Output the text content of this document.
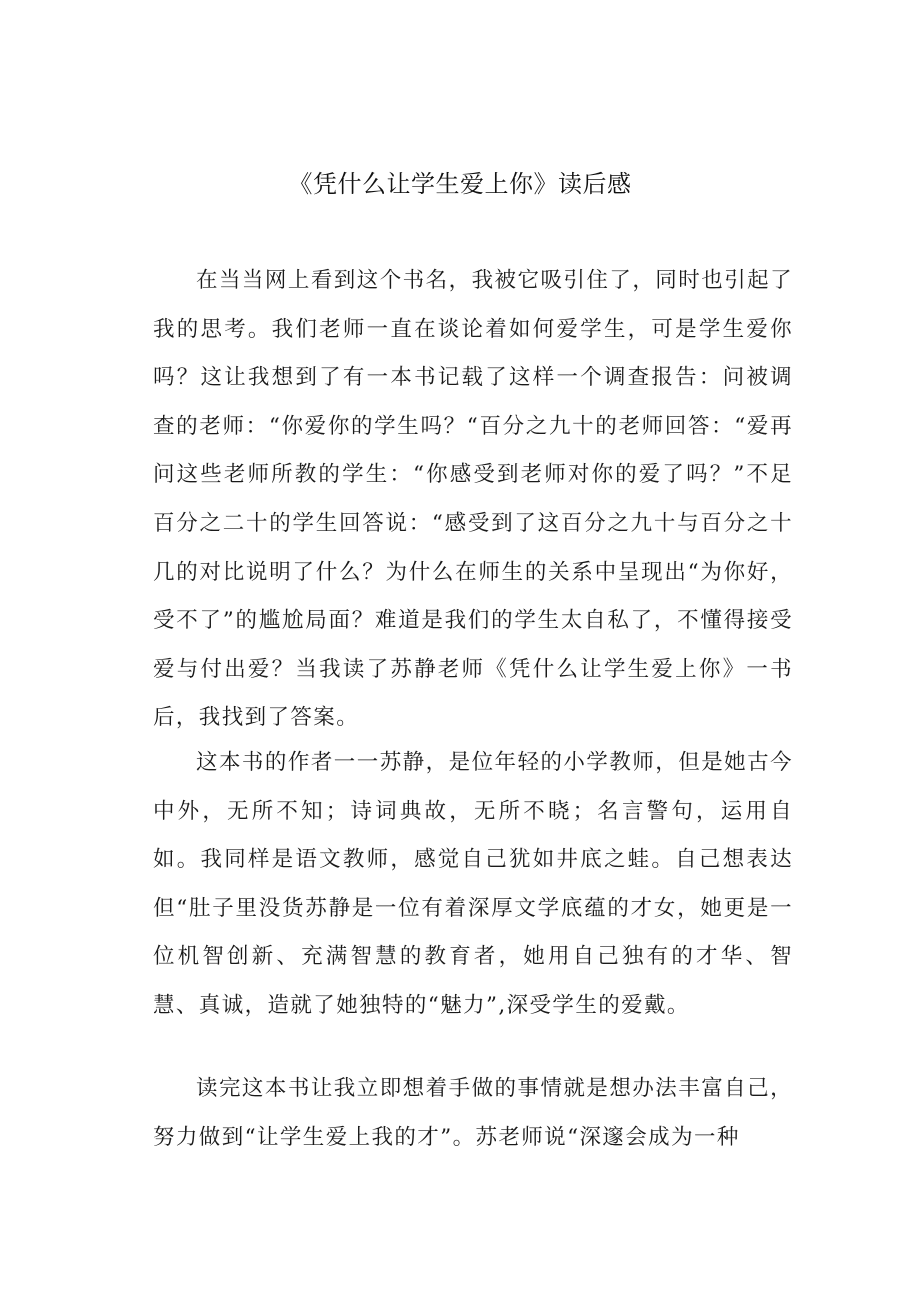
《凭什么让学生爱上你》读后感

在当当网上看到这个书名，我被它吸引住了，同时也引起了我的思考。我们老师一直在谈论着如何爱学生，可是学生爱你吗？这让我想到了有一本书记载了这样一个调查报告：问被调查的老师：“你爱你的学生吗？“百分之九十的老师回答：“爱再问这些老师所教的学生：“你感受到老师对你的爱了吗？”不足百分之二十的学生回答说：“感受到了这百分之九十与百分之十几的对比说明了什么？为什么在师生的关系中呈现出“为你好，受不了”的尴尬局面？难道是我们的学生太自私了，不懂得接受爱与付出爱？当我读了苏静老师《凭什么让学生爱上你》一书后，我找到了答案。

这本书的作者一一苏静，是位年轻的小学教师，但是她古今中外，无所不知；诗词典故，无所不晓；名言警句，运用自如。我同样是语文教师，感觉自己犹如井底之蛙。自己想表达但“肚子里没货苏静是一位有着深厚文学底蕴的才女，她更是一位机智创新、充满智慧的教育者，她用自己独有的才华、智慧、真诚，造就了她独特的“魅力”,深受学生的爱戴。

读完这本书让我立即想着手做的事情就是想办法丰富自己，努力做到“让学生爱上我的才”。苏老师说“深邃会成为一种
